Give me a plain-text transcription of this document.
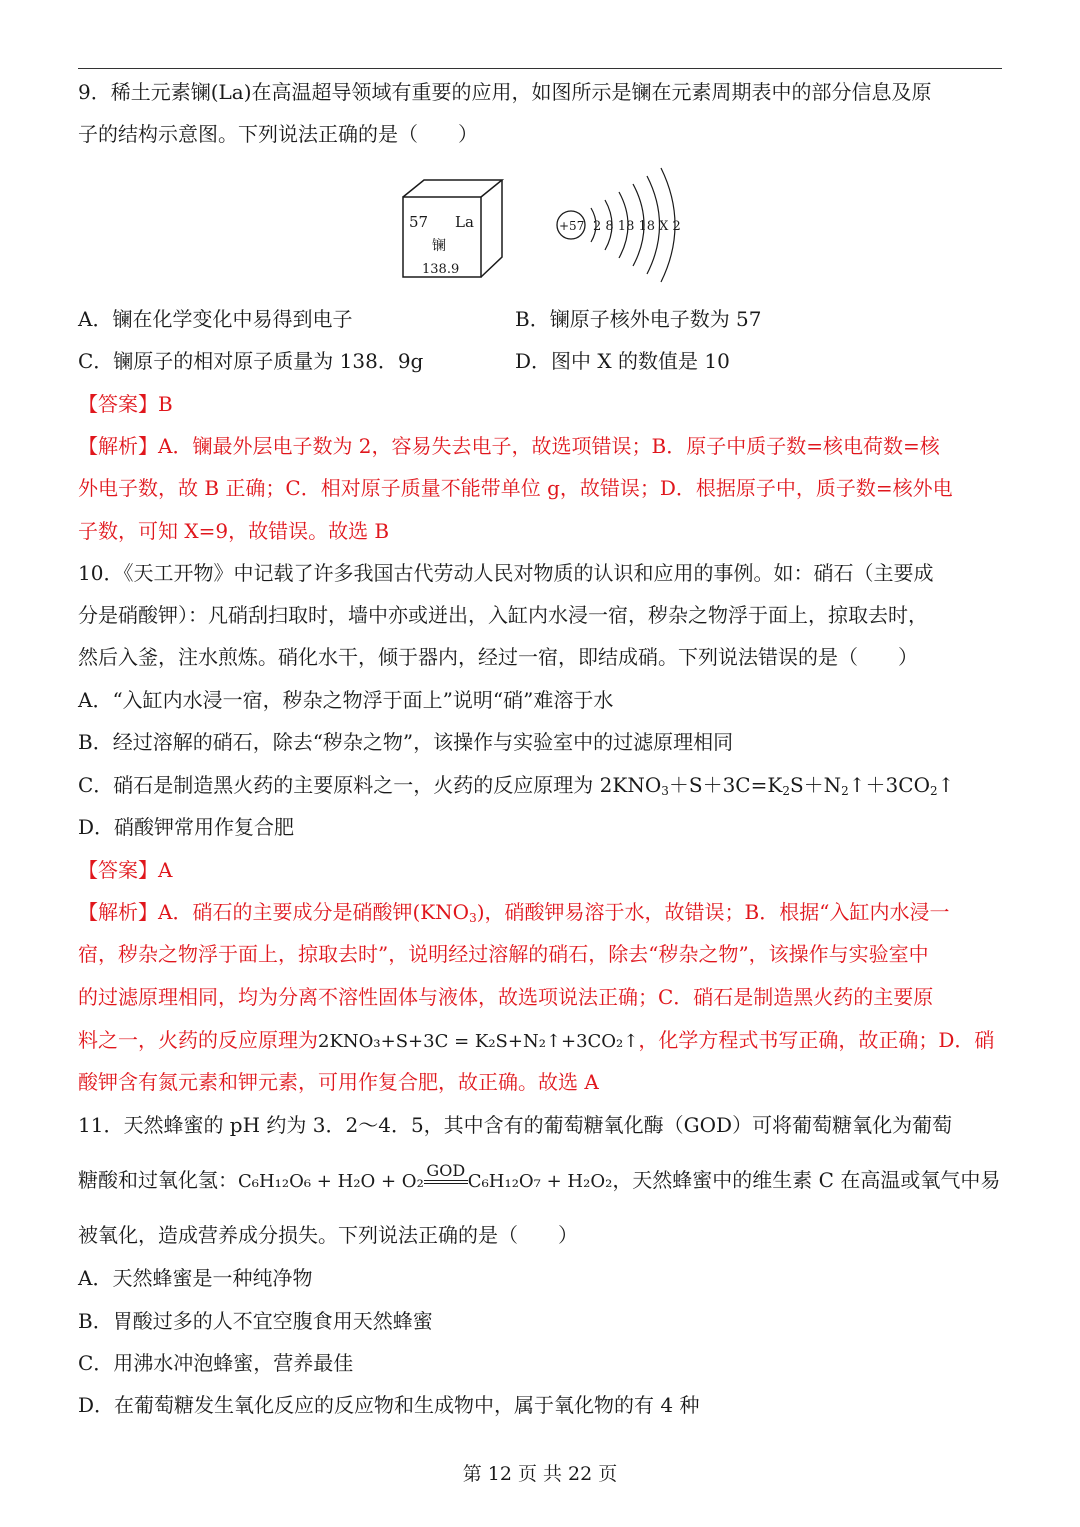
9．稀土元素镧(La)在高温超导领域有重要的应用，如图所示是镧在元素周期表中的部分信息及原
子的结构示意图。下列说法正确的是（　　）
57 La
镧
138.9
+57 2 8 18 18 X 2
A．镧在化学变化中易得到电子	B．镧原子核外电子数为 57
C．镧原子的相对原子质量为 138．9g	D．图中 X 的数值是 10
【答案】B
【解析】A．镧最外层电子数为 2，容易失去电子，故选项错误；B．原子中质子数=核电荷数=核
外电子数，故 B 正确；C．相对原子质量不能带单位 g，故错误；D．根据原子中，质子数=核外电
子数，可知 X=9，故错误。故选 B
10．《天工开物》中记载了许多我国古代劳动人民对物质的认识和应用的事例。如：硝石（主要成
分是硝酸钾）：凡硝刮扫取时，墙中亦或迸出，入缸内水浸一宿，秽杂之物浮于面上，掠取去时，
然后入釜，注水煎炼。硝化水干，倾于器内，经过一宿，即结成硝。下列说法错误的是（　　）
A．“入缸内水浸一宿，秽杂之物浮于面上”说明“硝”难溶于水
B．经过溶解的硝石，除去“秽杂之物”，该操作与实验室中的过滤原理相同
C．硝石是制造黑火药的主要原料之一，火药的反应原理为 $2KNO_3+S+3C=K_2S+N_2↑+3CO_2↑$
D．硝酸钾常用作复合肥
【答案】A
【解析】A．硝石的主要成分是硝酸钾$(KNO_3)$，硝酸钾易溶于水，故错误；B．根据“入缸内水浸一
宿，秽杂之物浮于面上，掠取去时”，说明经过溶解的硝石，除去“秽杂之物”，该操作与实验室中
的过滤原理相同，均为分离不溶性固体与液体，故选项说法正确；C．硝石是制造黑火药的主要原
料之一，火药的反应原理为2KNO₃+S+3C = K₂S+N₂↑+3CO₂↑，化学方程式书写正确，故正确；D．硝
酸钾含有氮元素和钾元素，可用作复合肥，故正确。故选 A
11．天然蜂蜜的 pH 约为 3．2～4．5，其中含有的葡萄糖氧化酶（GOD）可将葡萄糖氧化为葡萄
糖酸和过氧化氢：C₆H₁₂O₆ + H₂O + O₂
GOD
C₆H₁₂O₇ + H₂O₂，天然蜂蜜中的维生素 C 在高温或氧气中易
被氧化，造成营养成分损失。下列说法正确的是（　　）
A．天然蜂蜜是一种纯净物
B．胃酸过多的人不宜空腹食用天然蜂蜜
C．用沸水冲泡蜂蜜，营养最佳
D．在葡萄糖发生氧化反应的反应物和生成物中，属于氧化物的有 4 种
第 12 页 共 22 页
